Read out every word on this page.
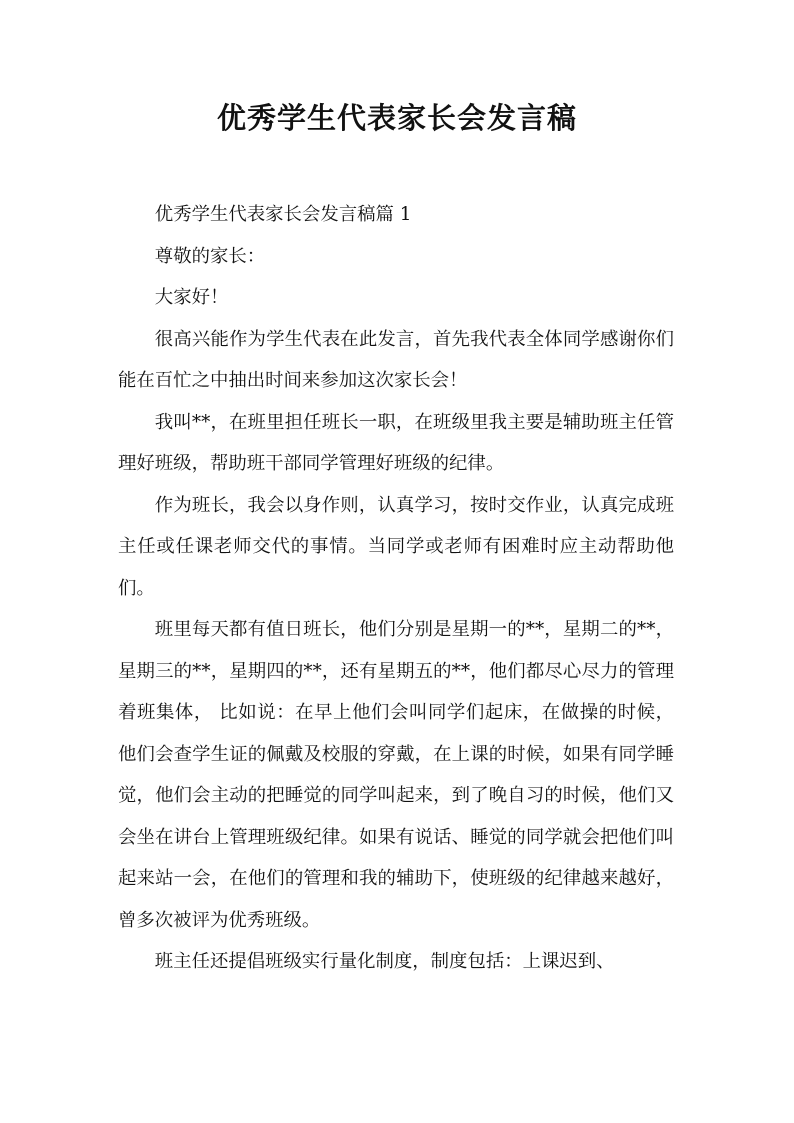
优秀学生代表家长会发言稿

优秀学生代表家长会发言稿篇 1

尊敬的家长：

大家好！

很高兴能作为学生代表在此发言，首先我代表全体同学感谢你们能在百忙之中抽出时间来参加这次家长会！

我叫**，在班里担任班长一职，在班级里我主要是辅助班主任管理好班级，帮助班干部同学管理好班级的纪律。

作为班长，我会以身作则，认真学习，按时交作业，认真完成班主任或任课老师交代的事情。当同学或老师有困难时应主动帮助他们。

班里每天都有值日班长，他们分别是星期一的**，星期二的**，星期三的**，星期四的**，还有星期五的**，他们都尽心尽力的管理着班集体， 比如说：在早上他们会叫同学们起床，在做操的时候，他们会查学生证的佩戴及校服的穿戴，在上课的时候，如果有同学睡觉，他们会主动的把睡觉的同学叫起来，到了晚自习的时候，他们又会坐在讲台上管理班级纪律。如果有说话、睡觉的同学就会把他们叫起来站一会，在他们的管理和我的辅助下，使班级的纪律越来越好，曾多次被评为优秀班级。

班主任还提倡班级实行量化制度，制度包括：上课迟到、
